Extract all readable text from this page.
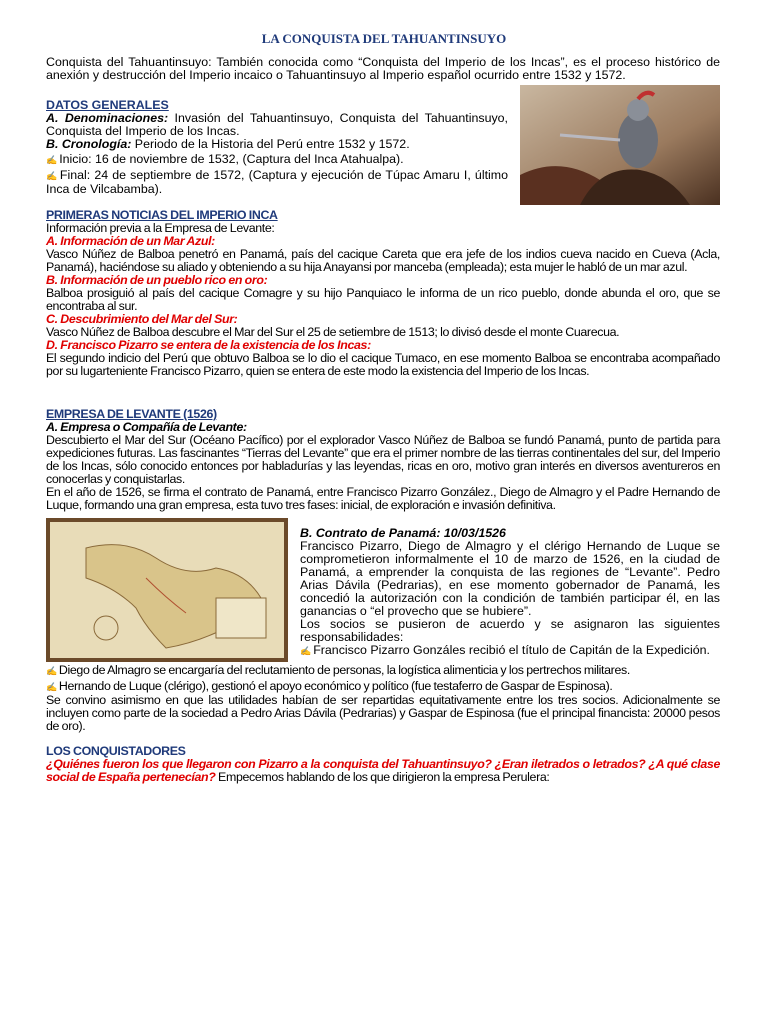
LA CONQUISTA DEL TAHUANTINSUYO
Conquista del Tahuantinsuyo: También conocida como “Conquista del Imperio de los Incas”, es el proceso histórico de anexión y destrucción del Imperio incaico o Tahuantinsuyo al Imperio español ocurrido entre 1532 y 1572.
DATOS GENERALES

A. Denominaciones: Invasión del Tahuantinsuyo, Conquista del Tahuantinsuyo, Conquista del Imperio de los Incas.

B. Cronología: Periodo de la Historia del Perú entre 1532 y 1572.

✍ Inicio: 16 de noviembre de 1532, (Captura del Inca Atahualpa).

✍ Final: 24 de septiembre de 1572, (Captura y ejecución de Túpac Amaru I, último Inca de Vilcabamba).

PRIMERAS NOTICIAS DEL IMPERIO INCA

Información previa a la Empresa de Levante:

A. Información de un Mar Azul:

Vasco Núñez de Balboa penetró en Panamá, país del cacique Careta que era jefe de los indios cueva nacido en Cueva (Acla, Panamá), haciéndose su aliado y obteniendo a su hija Anayansi por manceba (empleada); esta mujer le habló de un mar azul.

B. Información de un pueblo rico en oro:

Balboa prosiguió al país del cacique Comagre y su hijo Panquiaco le informa de un rico pueblo, donde abunda el oro, que se encontraba al sur.

C. Descubrimiento del Mar del Sur:

Vasco Núñez de Balboa descubre el Mar del Sur el 25 de setiembre de 1513; lo divisó desde el monte Cuarecua.

D. Francisco Pizarro se entera de la existencia de los Incas:

El segundo indicio del Perú que obtuvo Balboa se lo dio el cacique Tumaco, en ese momento Balboa se encontraba acompañado por su lugarteniente Francisco Pizarro, quien se entera de este modo la existencia del Imperio de los Incas.

EMPRESA DE LEVANTE (1526)

A. Empresa o Compañía de Levante:

Descubierto el Mar del Sur (Océano Pacífico) por el explorador Vasco Núñez de Balboa se fundó Panamá, punto de partida para expediciones futuras. Las fascinantes “Tierras del Levante” que era el primer nombre de las tierras continentales del sur, del Imperio de los Incas, sólo conocido entonces por habladurías y las leyendas, ricas en oro, motivo gran interés en diversos aventureros en conocerlas y conquistarlas.

En el año de 1526, se firma el contrato de Panamá, entre Francisco Pizarro González., Diego de Almagro y el Padre Hernando de Luque, formando una gran empresa, esta tuvo tres fases: inicial, de exploración e invasión definitiva.

B. Contrato de Panamá: 10/03/1526

Francisco Pizarro, Diego de Almagro y el clérigo Hernando de Luque se comprometieron informalmente el 10 de marzo de 1526, en la ciudad de Panamá, a emprender la conquista de las regiones de “Levante”. Pedro Arias Dávila (Pedrarias), en ese momento gobernador de Panamá, les concedió la autorización con la condición de también participar él, en las ganancias o “el provecho que se hubiere”.

Los socios se pusieron de acuerdo y se asignaron las siguientes responsabilidades:

✍ Francisco Pizarro Gonzáles recibió el título de Capitán de la Expedición.

✍ Diego de Almagro se encargaría del reclutamiento de personas, la logística alimenticia y los pertrechos militares.

✍ Hernando de Luque (clérigo), gestionó el apoyo económico y político (fue testaferro de Gaspar de Espinosa).

Se convino asimismo en que las utilidades habían de ser repartidas equitativamente entre los tres socios. Adicionalmente se incluyen como parte de la sociedad a Pedro Arias Dávila (Pedrarias) y Gaspar de Espinosa (fue el principal financista: 20000 pesos de oro).

LOS CONQUISTADORES

¿Quiénes fueron los que llegaron con Pizarro a la conquista del Tahuantinsuyo? ¿Eran iletrados o letrados? ¿A qué clase social de España pertenecían? Empecemos hablando de los que dirigieron la empresa Perulera:
